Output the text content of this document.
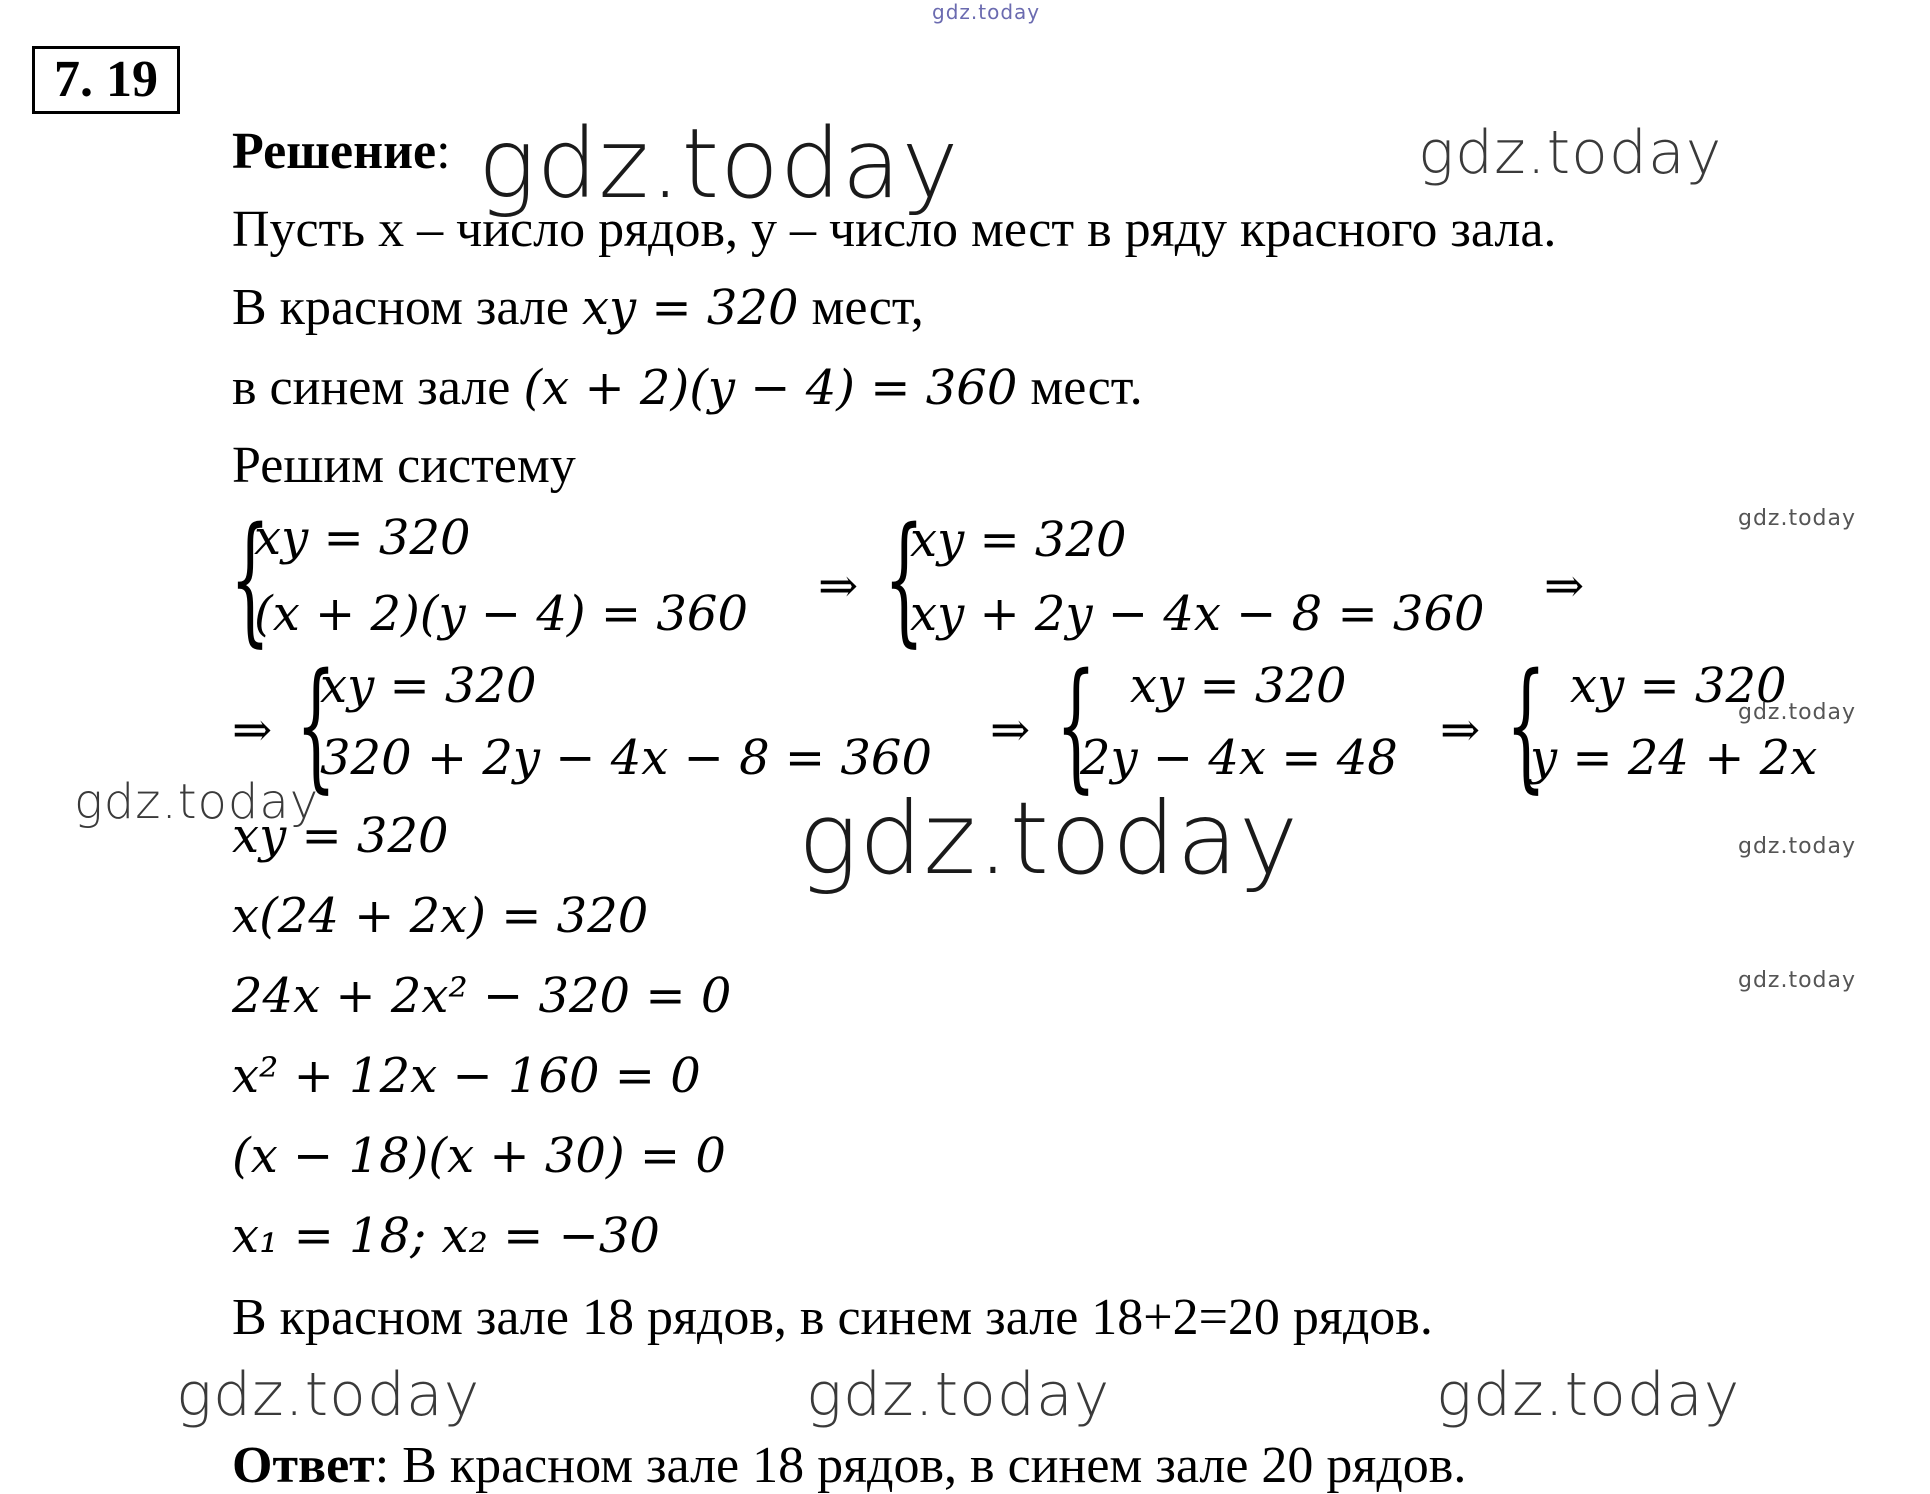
gdz.today
gdz.today	gdz.today
gdz.today
gdz.today
gdz.today	gdz.today	gdz.today
gdz.today
gdz.today	gdz.today	gdz.today
7. 19
Решение:
Пусть x – число рядов, y – число мест в ряду красного зала.
В красном зале xy = 320 мест,
в синем зале (x + 2)(y − 4) = 360 мест.
Решим систему
{
xy = 320
(x + 2)(y − 4) = 360 ⇒ {
xy = 320
xy + 2y − 4x − 8 = 360 ⇒
⇒ {
xy = 320
320 + 2y − 4x − 8 = 360 ⇒ { xy = 320
2y − 4x = 48 ⇒ { xy = 320
y = 24 + 2x
xy = 320
x(24 + 2x) = 320
24x + 2x² − 320 = 0
x² + 12x − 160 = 0
(x − 18)(x + 30) = 0
x₁ = 18; x₂ = −30
В красном зале 18 рядов, в синем зале 18+2=20 рядов.
Ответ: В красном зале 18 рядов, в синем зале 20 рядов.
